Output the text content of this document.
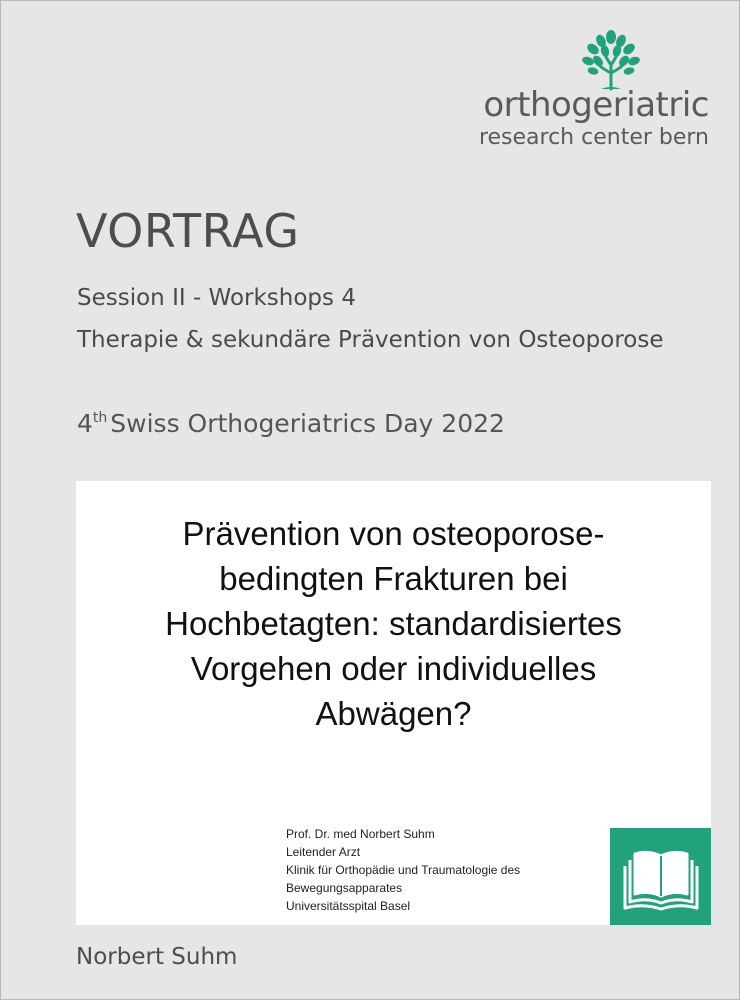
orthogeriatric
research center bern
VORTRAG
Session II - Workshops 4
Therapie & sekundäre Prävention von Osteoporose
4th Swiss Orthogeriatrics Day 2022
Prävention von osteoporose-
bedingten Frakturen bei
Hochbetagten: standardisiertes
Vorgehen oder individuelles
Abwägen?
Prof. Dr. med Norbert Suhm
Leitender Arzt
Klinik für Orthopädie und Traumatologie des
Bewegungsapparates
Universitätsspital Basel
Norbert Suhm
